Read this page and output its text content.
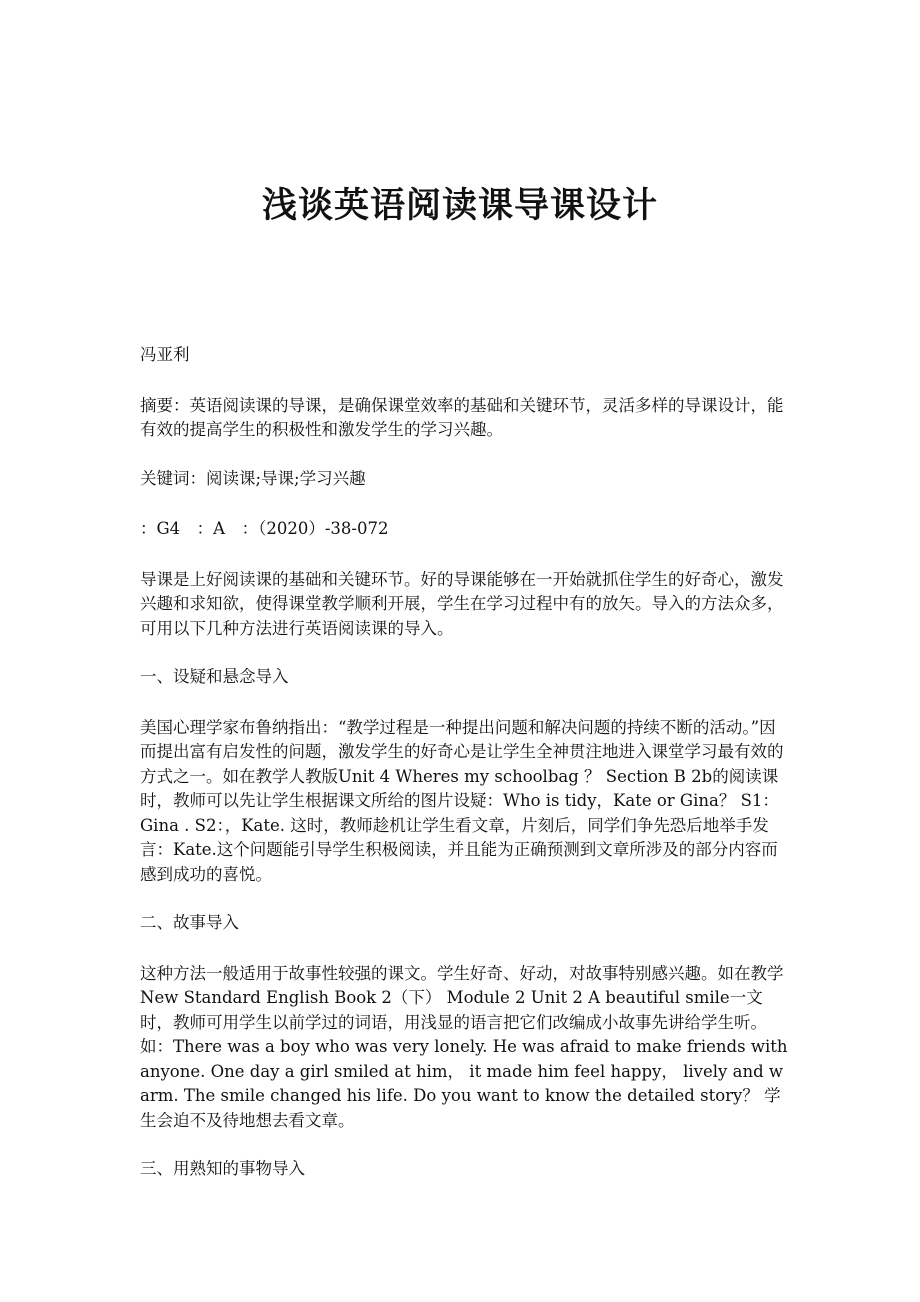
浅谈英语阅读课导课设计

冯亚利

摘要：英语阅读课的导课，是确保课堂效率的基础和关键环节，灵活多样的导课设计，能有效的提高学生的积极性和激发学生的学习兴趣。

关键词：阅读课;导课;学习兴趣

：G4　：A　：（2020）-38-072

导课是上好阅读课的基础和关键环节。好的导课能够在一开始就抓住学生的好奇心，激发兴趣和求知欲，使得课堂教学顺利开展，学生在学习过程中有的放矢。导入的方法众多，可用以下几种方法进行英语阅读课的导入。

一、设疑和悬念导入

美国心理学家布鲁纳指出：“教学过程是一种提出问题和解决问题的持续不断的活动。”因而提出富有启发性的问题，激发学生的好奇心是让学生全神贯注地进入课堂学习最有效的方式之一。如在教学人教版Unit 4 Wheres my schoolbag ？ Section B 2b的阅读课时，教师可以先让学生根据课文所给的图片设疑：Who is tidy，Kate or Gina？ S1：Gina . S2：，Kate. 这时，教师趁机让学生看文章，片刻后，同学们争先恐后地举手发言：Kate.这个问题能引导学生积极阅读，并且能为正确预测到文章所涉及的部分内容而感到成功的喜悦。

二、故事导入

这种方法一般适用于故事性较强的课文。学生好奇、好动，对故事特别感兴趣。如在教学New Standard English Book 2（下） Module 2 Unit 2 A beautiful smile一文时，教师可用学生以前学过的词语，用浅显的语言把它们改编成小故事先讲给学生听。如：There was a boy who was very lonely. He was afraid to make friends with anyone. One day a girl smiled at him， it made him feel happy， lively and warm. The smile changed his life. Do you want to know the detailed story？ 学生会迫不及待地想去看文章。

三、用熟知的事物导入
